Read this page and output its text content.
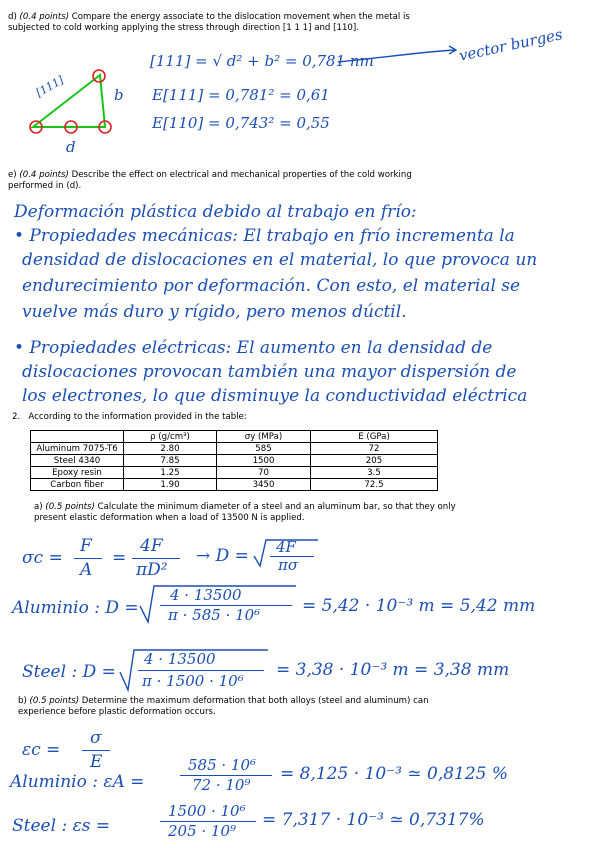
d) (0.4 points) Compare the energy associate to the dislocation movement when the metal is subjected to cold working applying the stress through direction [1 1 1] and [110].
[111]	b
d
[111] = √ d² + b² = 0,781 nm	vector burges
E[111] = 0,781² = 0,61
E[110] = 0,743² = 0,55
e) (0.4 points) Describe the effect on electrical and mechanical properties of the cold working performed in (d).
Deformación plástica debido al trabajo en frío:
• Propiedades mecánicas: El trabajo en frío incrementa la
densidad de dislocaciones en el material, lo que provoca un
endurecimiento por deformación. Con esto, el material se
vuelve más duro y rígido, pero menos dúctil.
• Propiedades eléctricas: El aumento en la densidad de
dislocaciones provocan también una mayor dispersión de
los electrones, lo que disminuye la conductividad eléctrica
2. According to the information provided in the table:
	ρ (g/cm³)	σy (MPa)	E (GPa)
Aluminum 7075-T6	2.80	585	72
Steel 4340	7.85	1500	205
Epoxy resin	1.25	70	3.5
Carbon fiber	1.90	3450	72.5
a) (0.5 points) Calculate the minimum diameter of a steel and an aluminum bar, so that they only present elastic deformation when a load of 13500 N is applied.
σc =
F
A
=
4F
πD²
→ D = 4F
πσ
Aluminio : D =
4 · 13500
π · 585 · 10⁶ = 5,42 · 10⁻³ m = 5,42 mm
Steel : D =
4 · 13500
π · 1500 · 10⁶
= 3,38 · 10⁻³ m = 3,38 mm
b) (0.5 points) Determine the maximum deformation that both alloys (steel and aluminum) can experience before plastic deformation occurs.
εc =
σ
E
Aluminio : εA =
585 · 10⁶
72 · 10⁹
= 8,125 · 10⁻³ ≃ 0,8125 %
Steel : εs =
1500 · 10⁶
205 · 10⁹
= 7,317 · 10⁻³ ≃ 0,7317%
